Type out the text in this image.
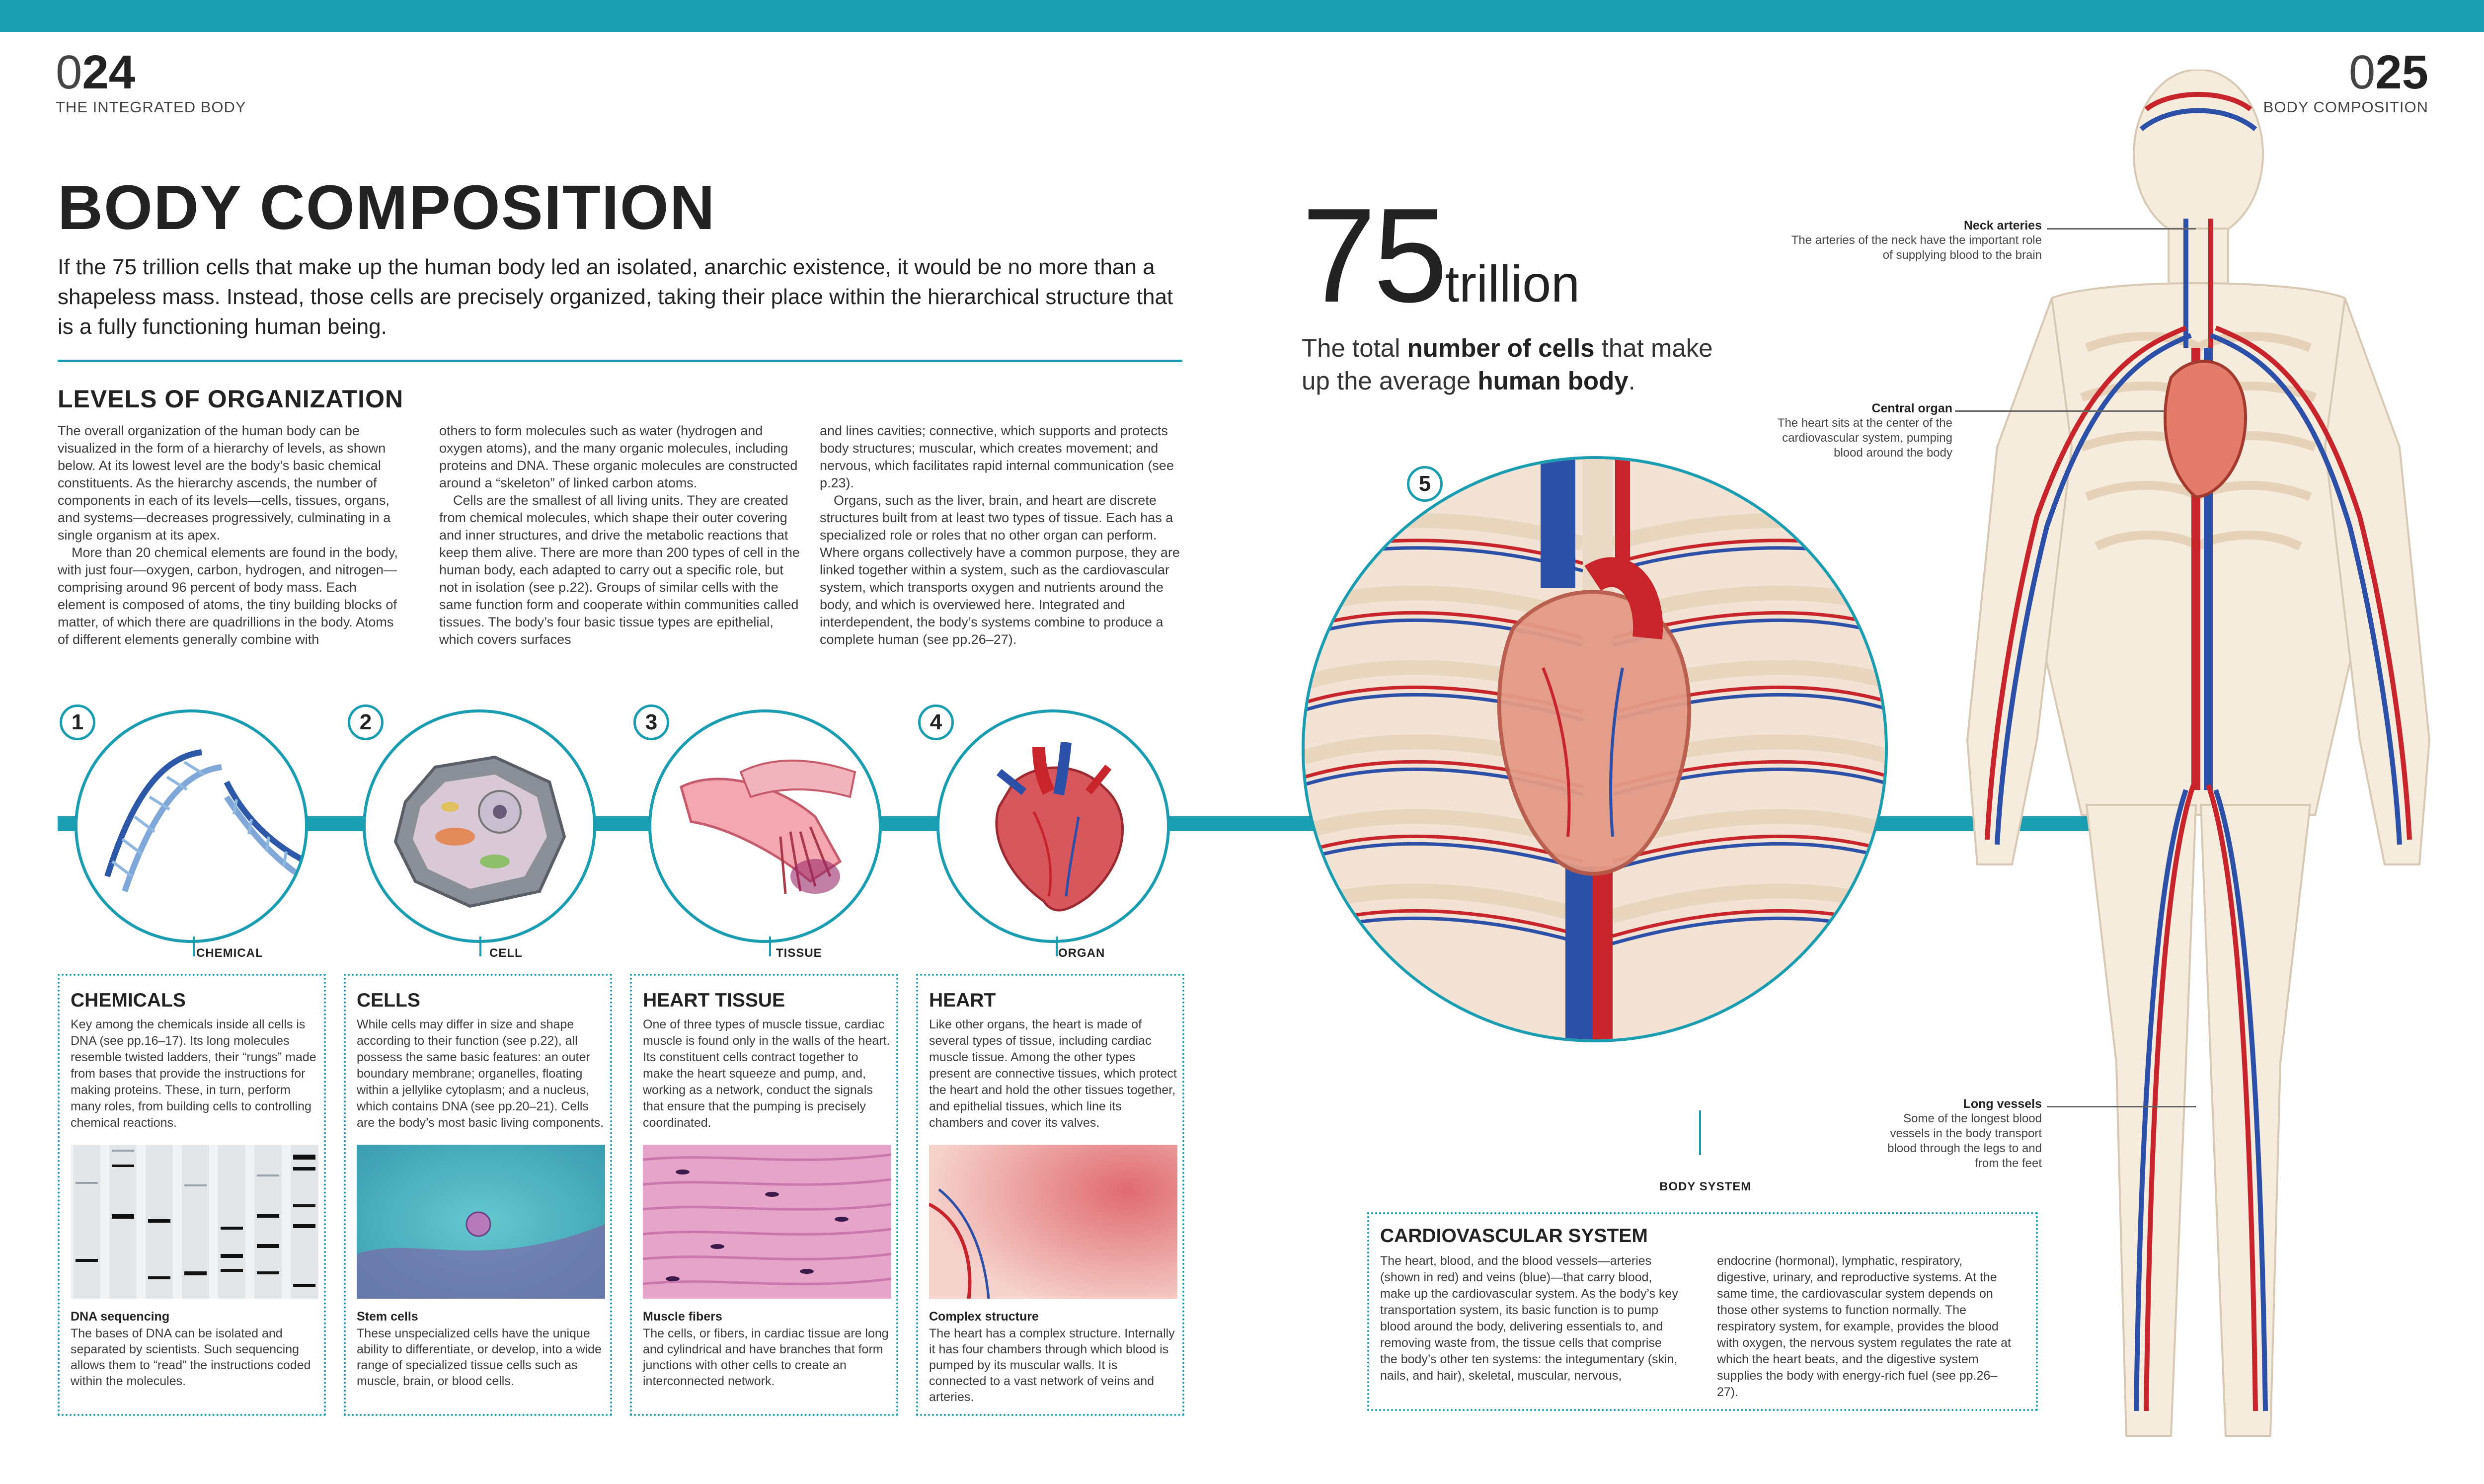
024
THE INTEGRATED BODY
025
BODY COMPOSITION
BODY COMPOSITION
If the 75 trillion cells that make up the human body led an isolated, anarchic existence, it would be no more than a shapeless mass. Instead, those cells are precisely organized, taking their place within the hierarchical structure that is a fully functioning human being.
LEVELS OF ORGANIZATION

The overall organization of the human body can be visualized in the form of a hierarchy of levels, as shown below. At its lowest level are the body’s basic chemical constituents. As the hierarchy ascends, the number of components in each of its levels—cells, tissues, organs, and systems—decreases progressively, culminating in a single organism at its apex.

More than 20 chemical elements are found in the body, with just four—oxygen, carbon, hydrogen, and nitrogen—comprising around 96 percent of body mass. Each element is composed of atoms, the tiny building blocks of matter, of which there are quadrillions in the body. Atoms of different elements generally combine with

others to form molecules such as water (hydrogen and oxygen atoms), and the many organic molecules, including proteins and DNA. These organic molecules are constructed around a “skeleton” of linked carbon atoms.

Cells are the smallest of all living units. They are created from chemical molecules, which shape their outer covering and inner structures, and drive the metabolic reactions that keep them alive. There are more than 200 types of cell in the human body, each adapted to carry out a specific role, but not in isolation (see p.22). Groups of similar cells with the same function form and cooperate within communities called tissues. The body’s four basic tissue types are epithelial, which covers surfaces

and lines cavities; connective, which supports and protects body structures; muscular, which creates movement; and nervous, which facilitates rapid internal communication (see p.23).

Organs, such as the liver, brain, and heart are discrete structures built from at least two types of tissue. Each has a specialized role or roles that no other organ can perform. Where organs collectively have a common purpose, they are linked together within a system, such as the cardiovascular system, which transports oxygen and nutrients around the body, and which is overviewed here. Integrated and interdependent, the body’s systems combine to produce a complete human (see pp.26–27).

75trillion
The total number of cells that make
up the average human body.
1
CHEMICAL
2
CELL
3
TISSUE
4
ORGAN
5
BODY SYSTEM
Neck arteries
The arteries of the neck have the important role of supplying blood to the brain
Central organ
The heart sits at the center of the cardiovascular system, pumping blood around the body
Long vessels
Some of the longest blood vessels in the body transport blood through the legs to and from the feet
CHEMICALS
Key among the chemicals inside all cells is DNA (see pp.16–17). Its long molecules resemble twisted ladders, their “rungs” made from bases that provide the instructions for making proteins. These, in turn, perform many roles, from building cells to controlling chemical reactions.
DNA sequencing
The bases of DNA can be isolated and separated by scientists. Such sequencing allows them to “read” the instructions coded within the molecules.
CELLS
While cells may differ in size and shape according to their function (see p.22), all possess the same basic features: an outer boundary membrane; organelles, floating within a jellylike cytoplasm; and a nucleus, which contains DNA (see pp.20–21). Cells are the body’s most basic living components.
Stem cells
These unspecialized cells have the unique ability to differentiate, or develop, into a wide range of specialized tissue cells such as muscle, brain, or blood cells.
HEART TISSUE
One of three types of muscle tissue, cardiac muscle is found only in the walls of the heart. Its constituent cells contract together to make the heart squeeze and pump, and, working as a network, conduct the signals that ensure that the pumping is precisely coordinated.
Muscle fibers
The cells, or fibers, in cardiac tissue are long and cylindrical and have branches that form junctions with other cells to create an interconnected network.
HEART
Like other organs, the heart is made of several types of tissue, including cardiac muscle tissue. Among the other types present are connective tissues, which protect the heart and hold the other tissues together, and epithelial tissues, which line its chambers and cover its valves.
Complex structure
The heart has a complex structure. Internally it has four chambers through which blood is pumped by its muscular walls. It is connected to a vast network of veins and arteries.
CARDIOVASCULAR SYSTEM
The heart, blood, and the blood vessels—arteries (shown in red) and veins (blue)—that carry blood, make up the cardiovascular system. As the body’s key transportation system, its basic function is to pump blood around the body, delivering essentials to, and removing waste from, the tissue cells that comprise the body’s other ten systems: the integumentary (skin, nails, and hair), skeletal, muscular, nervous,
endocrine (hormonal), lymphatic, respiratory, digestive, urinary, and reproductive systems. At the same time, the cardiovascular system depends on those other systems to function normally. The respiratory system, for example, provides the blood with oxygen, the nervous system regulates the rate at which the heart beats, and the digestive system supplies the body with energy-rich fuel (see pp.26–27).
